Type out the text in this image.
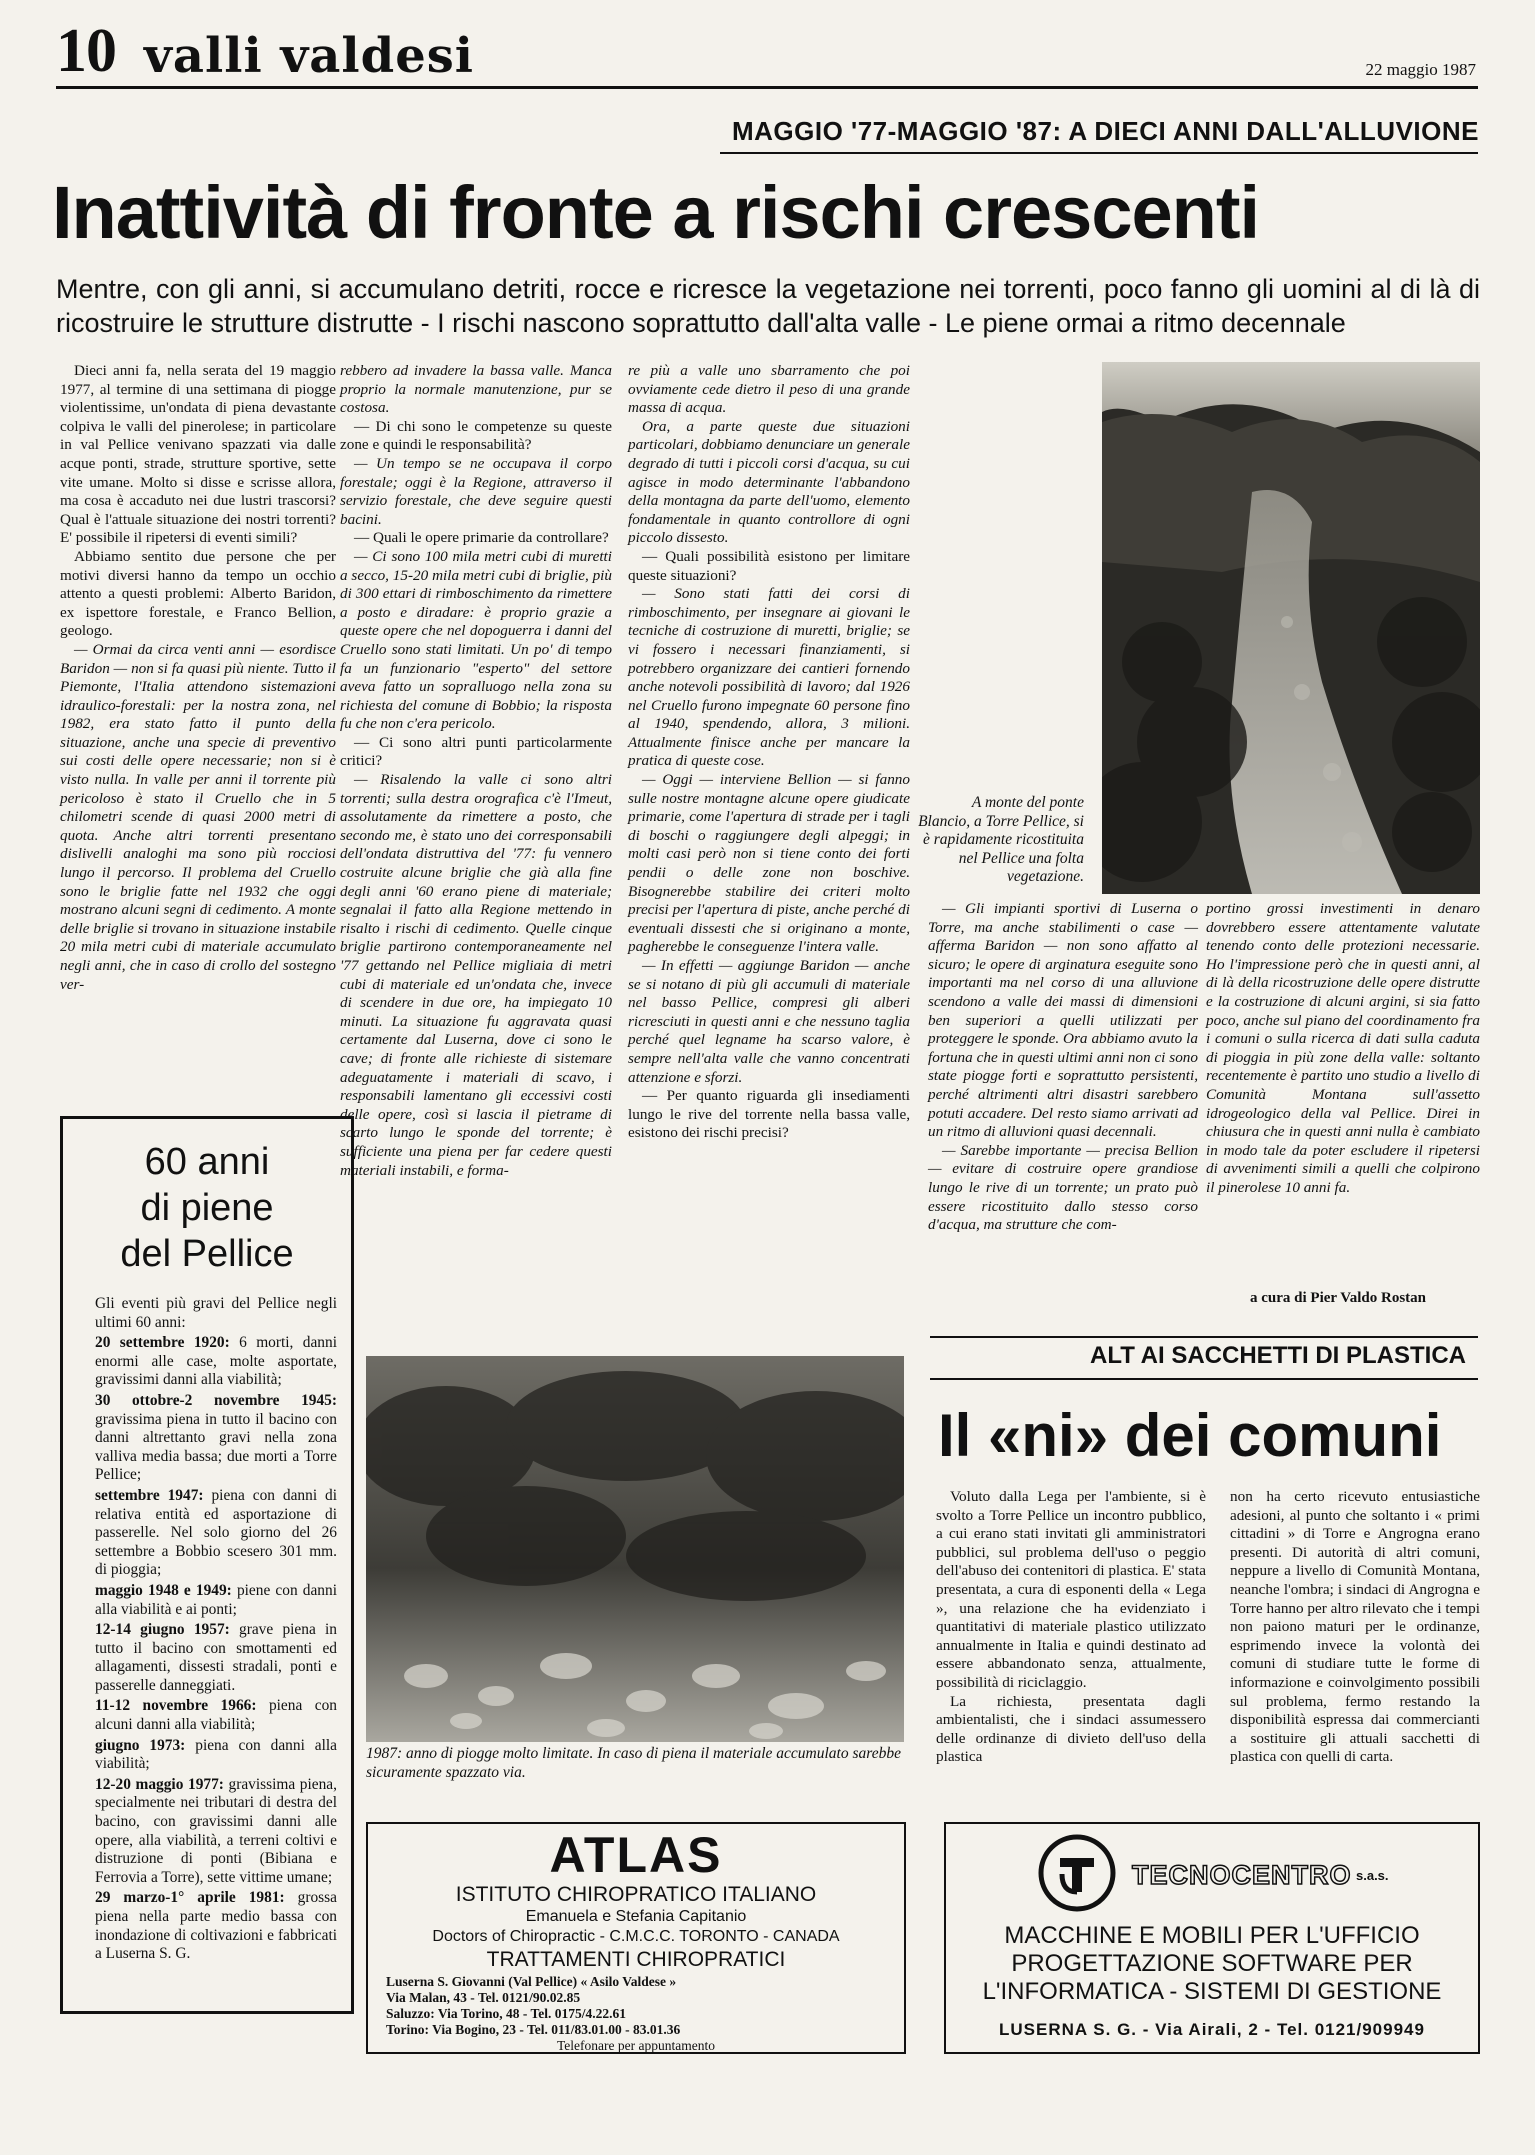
10 valli valdesi	22 maggio 1987
MAGGIO '77-MAGGIO '87: A DIECI ANNI DALL'ALLUVIONE
Inattività di fronte a rischi crescenti
Mentre, con gli anni, si accumulano detriti, rocce e ricresce la vegetazione nei torrenti, poco fanno gli uomini al di là di ricostruire le strutture distrutte - I rischi nascono soprattutto dall'alta valle - Le piene ormai a ritmo decennale

Dieci anni fa, nella serata del 19 maggio 1977, al termine di una settimana di piogge violentissime, un'ondata di piena devastante colpiva le valli del pinerolese; in particolare in val Pellice venivano spazzati via dalle acque ponti, strade, strutture sportive, sette vite umane. Molto si disse e scrisse allora, ma cosa è accaduto nei due lustri trascorsi? Qual è l'attuale situazione dei nostri torrenti? E' possibile il ripetersi di eventi simili?

Abbiamo sentito due persone che per motivi diversi hanno da tempo un occhio attento a questi problemi: Alberto Baridon, ex ispettore forestale, e Franco Bellion, geologo.

— Ormai da circa venti anni — esordisce Baridon — non si fa quasi più niente. Tutto il Piemonte, l'Italia attendono sistemazioni idraulico-forestali: per la nostra zona, nel 1982, era stato fatto il punto della situazione, anche una specie di preventivo sui costi delle opere necessarie; non si è visto nulla. In valle per anni il torrente più pericoloso è stato il Cruello che in 5 chilometri scende di quasi 2000 metri di quota. Anche altri torrenti presentano dislivelli analoghi ma sono più rocciosi lungo il percorso. Il problema del Cruello sono le briglie fatte nel 1932 che oggi mostrano alcuni segni di cedimento. A monte delle briglie si trovano in situazione instabile 20 mila metri cubi di materiale accumulato negli anni, che in caso di crollo del sostegno ver-

rebbero ad invadere la bassa valle. Manca proprio la normale manutenzione, pur se costosa.

— Di chi sono le competenze su queste zone e quindi le responsabilità?

— Un tempo se ne occupava il corpo forestale; oggi è la Regione, attraverso il servizio forestale, che deve seguire questi bacini.

— Quali le opere primarie da controllare?

— Ci sono 100 mila metri cubi di muretti a secco, 15-20 mila metri cubi di briglie, più di 300 ettari di rimboschimento da rimettere a posto e diradare: è proprio grazie a queste opere che nel dopoguerra i danni del Cruello sono stati limitati. Un po' di tempo fa un funzionario "esperto" del settore aveva fatto un sopralluogo nella zona su richiesta del comune di Bobbio; la risposta fu che non c'era pericolo.

— Ci sono altri punti particolarmente critici?

— Risalendo la valle ci sono altri torrenti; sulla destra orografica c'è l'Imeut, assolutamente da rimettere a posto, che secondo me, è stato uno dei corresponsabili dell'ondata distruttiva del '77: fu vennero costruite alcune briglie che già alla fine degli anni '60 erano piene di materiale; segnalai il fatto alla Regione mettendo in risalto i rischi di cedimento. Quelle cinque briglie partirono contemporaneamente nel '77 gettando nel Pellice migliaia di metri cubi di materiale ed un'ondata che, invece di scendere in due ore, ha impiegato 10 minuti. La situazione fu aggravata quasi certamente dal Luserna, dove ci sono le cave; di fronte alle richieste di sistemare adeguatamente i materiali di scavo, i responsabili lamentano gli eccessivi costi delle opere, così si lascia il pietrame di scarto lungo le sponde del torrente; è sufficiente una piena per far cedere questi materiali instabili, e forma-

re più a valle uno sbarramento che poi ovviamente cede dietro il peso di una grande massa di acqua.

Ora, a parte queste due situazioni particolari, dobbiamo denunciare un generale degrado di tutti i piccoli corsi d'acqua, su cui agisce in modo determinante l'abbandono della montagna da parte dell'uomo, elemento fondamentale in quanto controllore di ogni piccolo dissesto.

— Quali possibilità esistono per limitare queste situazioni?

— Sono stati fatti dei corsi di rimboschimento, per insegnare ai giovani le tecniche di costruzione di muretti, briglie; se vi fossero i necessari finanziamenti, si potrebbero organizzare dei cantieri fornendo anche notevoli possibilità di lavoro; dal 1926 nel Cruello furono impegnate 60 persone fino al 1940, spendendo, allora, 3 milioni. Attualmente finisce anche per mancare la pratica di queste cose.

— Oggi — interviene Bellion — si fanno sulle nostre montagne alcune opere giudicate primarie, come l'apertura di strade per i tagli di boschi o raggiungere degli alpeggi; in molti casi però non si tiene conto dei forti pendii o delle zone non boschive. Bisognerebbe stabilire dei criteri molto precisi per l'apertura di piste, anche perché di eventuali dissesti che si originano a monte, pagherebbe le conseguenze l'intera valle.

— In effetti — aggiunge Baridon — anche se si notano di più gli accumuli di materiale nel basso Pellice, compresi gli alberi ricresciuti in questi anni e che nessuno taglia perché quel legname ha scarso valore, è sempre nell'alta valle che vanno concentrati attenzione e sforzi.

— Per quanto riguarda gli insediamenti lungo le rive del torrente nella bassa valle, esistono dei rischi precisi?

A monte del ponte Blancio, a Torre Pellice, si è rapidamente ricostituita nel Pellice una folta vegetazione.

— Gli impianti sportivi di Luserna o Torre, ma anche stabilimenti o case — afferma Baridon — non sono affatto al sicuro; le opere di arginatura eseguite sono importanti ma nel corso di una alluvione scendono a valle dei massi di dimensioni ben superiori a quelli utilizzati per proteggere le sponde. Ora abbiamo avuto la fortuna che in questi ultimi anni non ci sono state piogge forti e soprattutto persistenti, perché altrimenti altri disastri sarebbero potuti accadere. Del resto siamo arrivati ad un ritmo di alluvioni quasi decennali.

— Sarebbe importante — precisa Bellion — evitare di costruire opere grandiose lungo le rive di un torrente; un prato può essere ricostituito dallo stesso corso d'acqua, ma strutture che com-

portino grossi investimenti in denaro dovrebbero essere attentamente valutate tenendo conto delle protezioni necessarie. Ho l'impressione però che in questi anni, al di là della ricostruzione delle opere distrutte e la costruzione di alcuni argini, si sia fatto poco, anche sul piano del coordinamento fra i comuni o sulla ricerca di dati sulla caduta di pioggia in più zone della valle: soltanto recentemente è partito uno studio a livello di Comunità Montana sull'assetto idrogeologico della val Pellice. Direi in chiusura che in questi anni nulla è cambiato in modo tale da poter escludere il ripetersi di avvenimenti simili a quelli che colpirono il pinerolese 10 anni fa.

a cura di Pier Valdo Rostan
60 anni
di piene
del Pellice

Gli eventi più gravi del Pellice negli ultimi 60 anni:

20 settembre 1920: 6 morti, danni enormi alle case, molte asportate, gravissimi danni alla viabilità;

30 ottobre-2 novembre 1945: gravissima piena in tutto il bacino con danni altrettanto gravi nella zona valliva media bassa; due morti a Torre Pellice;

settembre 1947: piena con danni di relativa entità ed asportazione di passerelle. Nel solo giorno del 26 settembre a Bobbio scesero 301 mm. di pioggia;

maggio 1948 e 1949: piene con danni alla viabilità e ai ponti;

12-14 giugno 1957: grave piena in tutto il bacino con smottamenti ed allagamenti, dissesti stradali, ponti e passerelle danneggiati.

11-12 novembre 1966: piena con alcuni danni alla viabilità;

giugno 1973: piena con danni alla viabilità;

12-20 maggio 1977: gravissima piena, specialmente nei tributari di destra del bacino, con gravissimi danni alle opere, alla viabilità, a terreni coltivi e distruzione di ponti (Bibiana e Ferrovia a Torre), sette vittime umane;

29 marzo-1° aprile 1981: grossa piena nella parte medio bassa con inondazione di coltivazioni e fabbricati a Luserna S. G.

1987: anno di piogge molto limitate. In caso di piena il materiale accumulato sarebbe sicuramente spazzato via.
ALT AI SACCHETTI DI PLASTICA
Il «ni» dei comuni

Voluto dalla Lega per l'ambiente, si è svolto a Torre Pellice un incontro pubblico, a cui erano stati invitati gli amministratori pubblici, sul problema dell'uso o peggio dell'abuso dei contenitori di plastica. E' stata presentata, a cura di esponenti della « Lega », una relazione che ha evidenziato i quantitativi di materiale plastico utilizzato annualmente in Italia e quindi destinato ad essere abbandonato senza, attualmente, possibilità di riciclaggio.

La richiesta, presentata dagli ambientalisti, che i sindaci assumessero delle ordinanze di divieto dell'uso della plastica

non ha certo ricevuto entusiastiche adesioni, al punto che soltanto i « primi cittadini » di Torre e Angrogna erano presenti. Di autorità di altri comuni, neppure a livello di Comunità Montana, neanche l'ombra; i sindaci di Angrogna e Torre hanno per altro rilevato che i tempi non paiono maturi per le ordinanze, esprimendo invece la volontà dei comuni di studiare tutte le forme di informazione e coinvolgimento possibili sul problema, fermo restando la disponibilità espressa dai commercianti a sostituire gli attuali sacchetti di plastica con quelli di carta.

ATLAS
ISTITUTO CHIROPRATICO ITALIANO
Emanuela e Stefania Capitanio
Doctors of Chiropractic - C.M.C.C. TORONTO - CANADA
TRATTAMENTI CHIROPRATICI
Luserna S. Giovanni (Val Pellice) « Asilo Valdese »
Via Malan, 43 - Tel. 0121/90.02.85
Saluzzo: Via Torino, 48 - Tel. 0175/4.22.61
Torino: Via Bogino, 23 - Tel. 011/83.01.00 - 83.01.36
Telefonare per appuntamento
TECNOCENTRO s.a.s.
MACCHINE E MOBILI PER L'UFFICIO
PROGETTAZIONE SOFTWARE PER
L'INFORMATICA - SISTEMI DI GESTIONE
LUSERNA S. G. - Via Airali, 2 - Tel. 0121/909949
